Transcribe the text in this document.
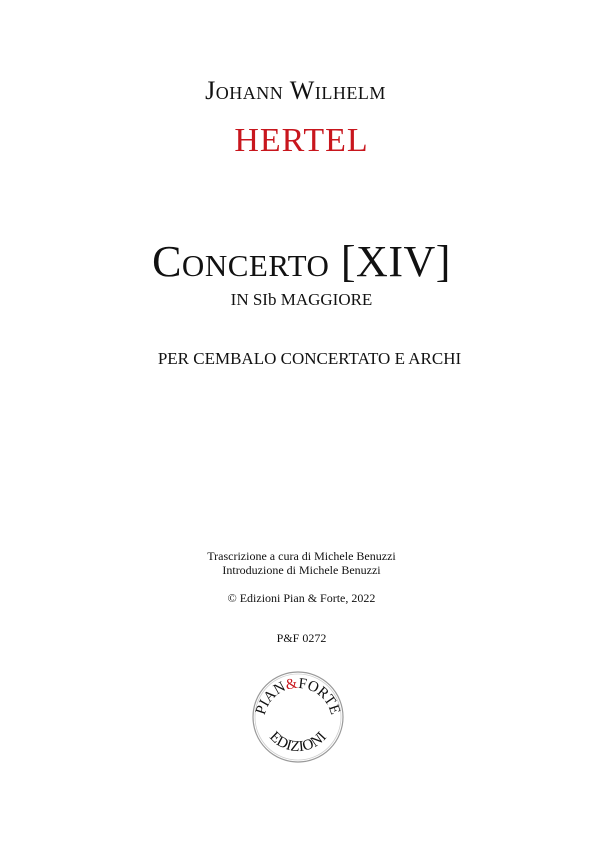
Johann Wilhelm
HERTEL
Concerto [XIV]
IN SIb MAGGIORE
PER CEMBALO CONCERTATO E ARCHI
Trascrizione a cura di Michele Benuzzi
Introduzione di Michele Benuzzi
© Edizioni Pian & Forte, 2022
P&F 0272
PIAN&FORTE
EDIZIONI
